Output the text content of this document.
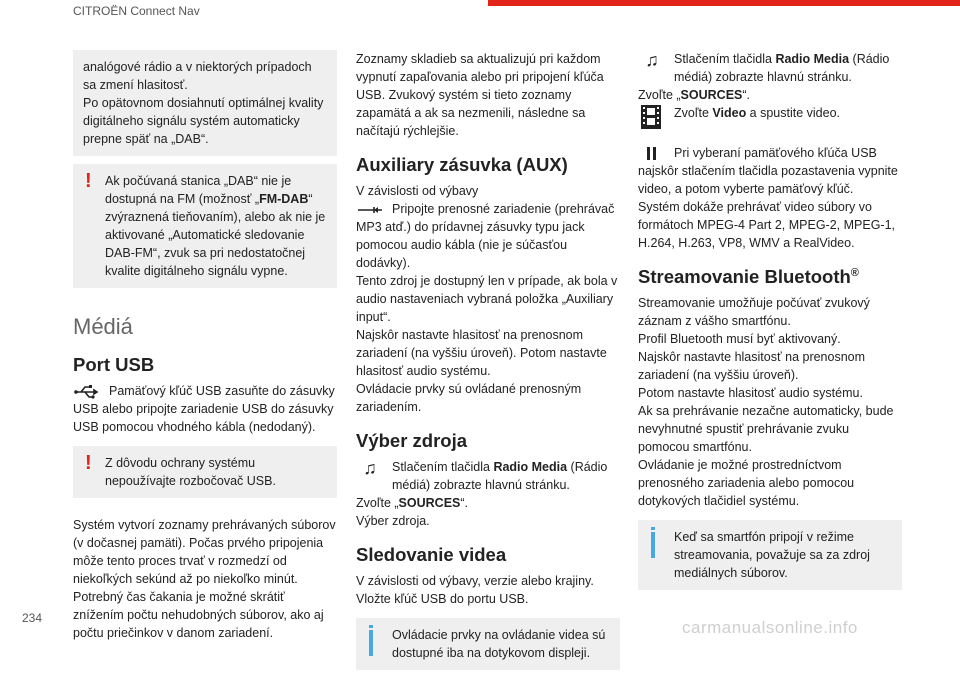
CITROËN Connect Nav

analógové rádio a v niektorých prípadoch sa zmení hlasitosť.
Po opätovnom dosiahnutí optimálnej kvality digitálneho signálu systém automaticky prepne späť na „DAB“.

! Ak počúvaná stanica „DAB“ nie je dostupná na FM (možnosť „FM-DAB“ zvýraznená tieňovaním), alebo ak nie je aktivované „Automatické sledovanie DAB-FM“, zvuk sa pri nedostatočnej kvalite digitálneho signálu vypne.

Médiá
Port USB

Pamäťový kľúč USB zasuňte do zásuvky USB alebo pripojte zariadenie USB do zásuvky USB pomocou vhodného kábla (nedodaný).

! Z dôvodu ochrany systému nepoužívajte rozbočovač USB.

Systém vytvorí zoznamy prehrávaných súborov (v dočasnej pamäti). Počas prvého pripojenia môže tento proces trvať v rozmedzí od niekoľkých sekúnd až po niekoľko minút.
Potrebný čas čakania je možné skrátiť znížením počtu nehudobných súborov, ako aj počtu priečinkov v danom zariadení.

Zoznamy skladieb sa aktualizujú pri každom vypnutí zapaľovania alebo pri pripojení kľúča USB. Zvukový systém si tieto zoznamy zapamätá a ak sa nezmenili, následne sa načítajú rýchlejšie.

Auxiliary zásuvka (AUX)

V závislosti od výbavy

Pripojte prenosné zariadenie (prehrávač MP3 atď.) do prídavnej zásuvky typu jack pomocou audio kábla (nie je súčasťou dodávky).
Tento zdroj je dostupný len v prípade, ak bola v audio nastaveniach vybraná položka „Auxiliary input“.
Najskôr nastavte hlasitosť na prenosnom zariadení (na vyššiu úroveň). Potom nastavte hlasitosť audio systému.
Ovládacie prvky sú ovládané prenosným zariadením.

Výber zdroja
♫	Stlačením tlačidla Radio Media (Rádio médiá) zobrazte hlavnú stránku.

Zvoľte „SOURCES“.

Výber zdroja.

Sledovanie videa

V závislosti od výbavy, verzie alebo krajiny.
Vložte kľúč USB do portu USB.

Ovládacie prvky na ovládanie videa sú dostupné iba na dotykovom displeji.

♫	Stlačením tlačidla Radio Media (Rádio médiá) zobrazte hlavnú stránku.

Zvoľte „SOURCES“.

Zvoľte Video a spustite video.

Pri vyberaní pamäťového kľúča USB najskôr stlačením tlačidla pozastavenia vypnite video, a potom vyberte pamäťový kľúč.
Systém dokáže prehrávať video súbory vo formátoch MPEG-4 Part 2, MPEG-2, MPEG-1, H.264, H.263, VP8, WMV a RealVideo.

Streamovanie Bluetooth®

Streamovanie umožňuje počúvať zvukový záznam z vášho smartfónu.
Profil Bluetooth musí byť aktivovaný.
Najskôr nastavte hlasitosť na prenosnom zariadení (na vyššiu úroveň).
Potom nastavte hlasitosť audio systému.
Ak sa prehrávanie nezačne automaticky, bude nevyhnutné spustiť prehrávanie zvuku pomocou smartfónu.
Ovládanie je možné prostredníctvom prenosného zariadenia alebo pomocou dotykových tlačidiel systému.

Keď sa smartfón pripojí v režime streamovania, považuje sa za zdroj mediálnych súborov.

234	carmanualsonline.info
